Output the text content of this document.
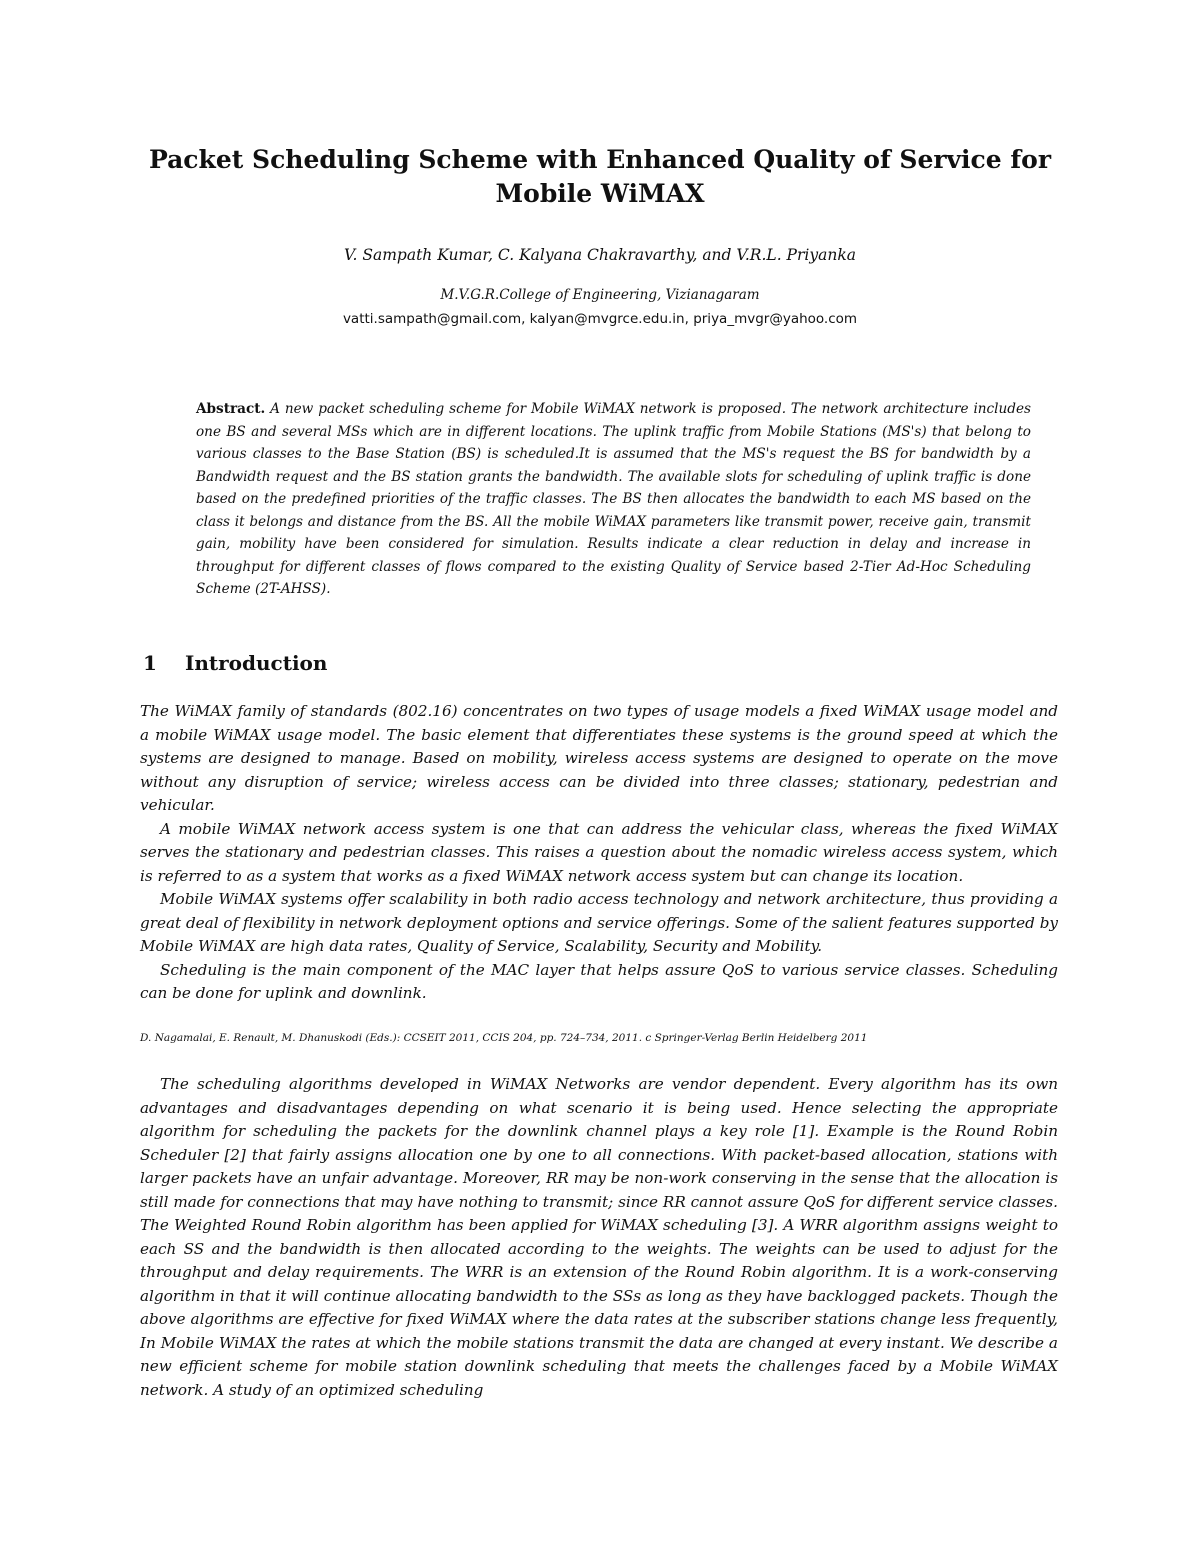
Packet Scheduling Scheme with Enhanced Quality of Service for
Mobile WiMAX
V. Sampath Kumar, C. Kalyana Chakravarthy, and V.R.L. Priyanka
M.V.G.R.College of Engineering, Vizianagaram
vatti.sampath@gmail.com, kalyan@mvgrce.edu.in, priya_mvgr@yahoo.com
Abstract. A new packet scheduling scheme for Mobile WiMAX network is proposed. The network architecture includes one BS and several MSs which are in different locations. The uplink traffic from Mobile Stations (MS's) that belong to various classes to the Base Station (BS) is scheduled.It is assumed that the MS's request the BS for bandwidth by a Bandwidth request and the BS station grants the bandwidth. The available slots for scheduling of uplink traffic is done based on the predefined priorities of the traffic classes. The BS then allocates the bandwidth to each MS based on the class it belongs and distance from the BS. All the mobile WiMAX parameters like transmit power, receive gain, transmit gain, mobility have been considered for simulation. Results indicate a clear reduction in delay and increase in throughput for different classes of flows compared to the existing Quality of Service based 2-Tier Ad-Hoc Scheduling Scheme (2T-AHSS).
1 Introduction

The WiMAX family of standards (802.16) concentrates on two types of usage models a fixed WiMAX usage model and a mobile WiMAX usage model. The basic element that differentiates these systems is the ground speed at which the systems are designed to manage. Based on mobility, wireless access systems are designed to operate on the move without any disruption of service; wireless access can be divided into three classes; stationary, pedestrian and vehicular.

A mobile WiMAX network access system is one that can address the vehicular class, whereas the fixed WiMAX serves the stationary and pedestrian classes. This raises a question about the nomadic wireless access system, which is referred to as a system that works as a fixed WiMAX network access system but can change its location.

Mobile WiMAX systems offer scalability in both radio access technology and network architecture, thus providing a great deal of flexibility in network deployment options and service offerings. Some of the salient features supported by Mobile WiMAX are high data rates, Quality of Service, Scalability, Security and Mobility.

Scheduling is the main component of the MAC layer that helps assure QoS to various service classes. Scheduling can be done for uplink and downlink.

D. Nagamalai, E. Renault, M. Dhanuskodi (Eds.): CCSEIT 2011, CCIS 204, pp. 724–734, 2011. c Springer-Verlag Berlin Heidelberg 2011

The scheduling algorithms developed in WiMAX Networks are vendor dependent. Every algorithm has its own advantages and disadvantages depending on what scenario it is being used. Hence selecting the appropriate algorithm for scheduling the packets for the downlink channel plays a key role [1]. Example is the Round Robin Scheduler [2] that fairly assigns allocation one by one to all connections. With packet-based allocation, stations with larger packets have an unfair advantage. Moreover, RR may be non-work conserving in the sense that the allocation is still made for connections that may have nothing to transmit; since RR cannot assure QoS for different service classes. The Weighted Round Robin algorithm has been applied for WiMAX scheduling [3]. A WRR algorithm assigns weight to each SS and the bandwidth is then allocated according to the weights. The weights can be used to adjust for the throughput and delay requirements. The WRR is an extension of the Round Robin algorithm. It is a work-conserving algorithm in that it will continue allocating bandwidth to the SSs as long as they have backlogged packets. Though the above algorithms are effective for fixed WiMAX where the data rates at the subscriber stations change less frequently, In Mobile WiMAX the rates at which the mobile stations transmit the data are changed at every instant. We describe a new efficient scheme for mobile station downlink scheduling that meets the challenges faced by a Mobile WiMAX network. A study of an optimized scheduling
